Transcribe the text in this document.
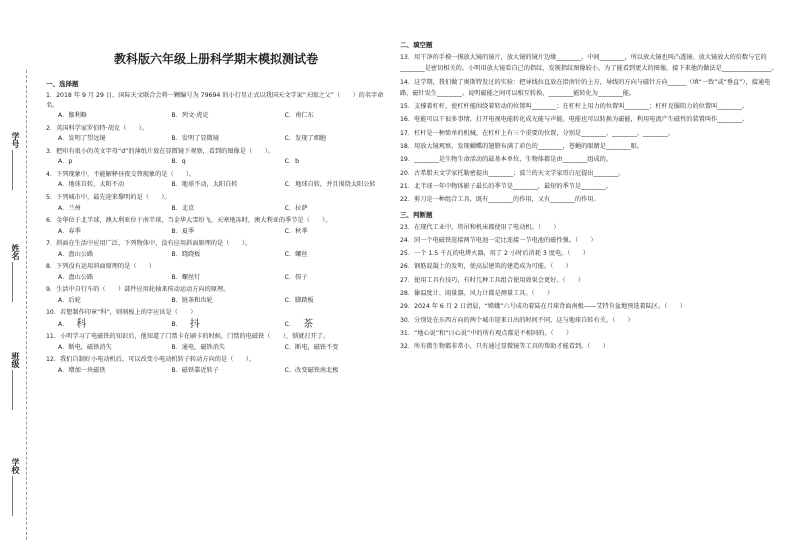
学号
姓名
班级
学校
教科版六年级上册科学期末模拟测试卷
一、选择题

1．2018 年 9 月 29 日，国际天文联合会将一颗编号为 79694 的小行星正式以我国天文学家“天眼之父”（　　）的名字命名。

A．伽利略	B．列文·虎克	C．南仁东

2．英国科学家罗伯特·胡克（　　）。

A．发明了望远镜	B．发明了显微镜	C．发现了细胞

3．把印有很小的英文字母“d”的薄纸片放在显微镜下观察，看到的图像是（　　）。

A．p	B．q	C．b

4．下列现象中，不能解释昼夜交替现象的是（　　）。

A．地球自转，太阳不动	B．地球不动，太阳自转	C．地球自转，并且围绕太阳公转

5．下列城市中，最先迎来黎明的是（　　）。

A．兰州	B．北京	C．拉萨

6．金华位于北半球，澳大利亚位于南半球，当金华大雪纷飞、天寒地冻时，澳大利亚的季节是（　　）。

A．春季	B．夏季	C．秋季

7．斜面在生活中应用广泛，下列物体中，没有应用斜面原理的是（　　）。

A．盘山公路	B．跷跷板	C．螺丝

8．下列没有运用斜面原理的是（　　）

A．盘山公路	B．螺丝钉	C．筷子

9．生活中自行车的（　　）部件应用轮轴来传动运动方向的原理。

A．后轮	B．链条和齿轮	C．脚踏板

10．若想制作印章“科”，则刻板上的字应该是（　　）

A． 科	B． 抖	C． 茶

11．小明学习了电磁铁的知识后，他知道了门禁卡在刷卡的时候，门禁的电磁铁（　　），锁就打开了。

A．断电，磁铁消失	B．通电，磁铁消失	C．断电，磁铁不变

12．我们自制好小电动机后，可以改变小电动机转子转动方向的是（　　）。

A．增加一块磁铁	B．磁铁靠近转子	C．改变磁铁南北极
二、填空题

13．用干净的手摸一摸放大镜的镜片，放大镜的镜片边缘________，中间________，所以放大镜也叫凸透镜。放大镜放大的倍数与它的________是密切相关的。小明用放大镜看自己的指纹，发现指纹图像较小，为了能看到更大的图像，接下来他的做法是________________。

14．这学期，我们做了奥斯特发过的实验：把导线拉直放在指南针的上方，导线的方向与磁针方向______（填“一致”或“垂直”），接通电路，磁针发生________。说明磁能之间可以相互转换，________能转化为________能。

15．支撑着杠杆，使杠杆能围绕着转动的位置叫________；在杠杆上用力的位置叫________；杠杆克服阻力的位置叫________。

16．电能可以干很多事情，打开电视电能转化成光能与声能。电能也可以转换为磁能，利用电流产生磁性的装置叫作________。

17．杠杆是一种简单的机械，在杠杆上有三个重要的位置，分别是________、________、________。

18．用放大镜观察，发现蝴蝶的翅膀布满了彩色的________，苍蝇的眼睛是________眼。

19．________是生物生命活动的最基本单位，生物体都是由________组成的。

20．古希腊天文学家托勒密提出________；波兰的天文学家哥白尼提出________。

21．北半球一年中物体影子最长的季节是________，最短的季节是________。

22．剪刀是一种组合工具，既有________的作用，又有________的作用。

三、判断题

23．在现代工业中，塔吊和机床都使用了电动机。（　　）

24．同一个电磁铁连接两节电池一定比连接一节电池的磁性强。（　　）

25．一个 1.5 千瓦的电烤火器，用了 2 小时后消耗 3 度电。（　　）

26．钢筋混凝土的发明，使高层建筑的建造成为可能。（　　）

27．使用工具有技巧，有时几种工具组合使用效果会更好。（　　）

28．傣温度计、雨量器、风力计都是测量工具。（　　）

29．2024 年 6 月 2 日清晨，“嫦娥”六号成功着陆在月球背面南极——艾特肯盆地预选着陆区。（　　）

30．分别处在东西方向的两个城市迎来日出的时间不同，这与地球自转有关。（　　）

31．“地心说”和“日心说”中的所有观点都是不相同的。（　　）

32．所有微生物都非常小，只有通过显微镜等工具的帮助才能看到。（　　）
